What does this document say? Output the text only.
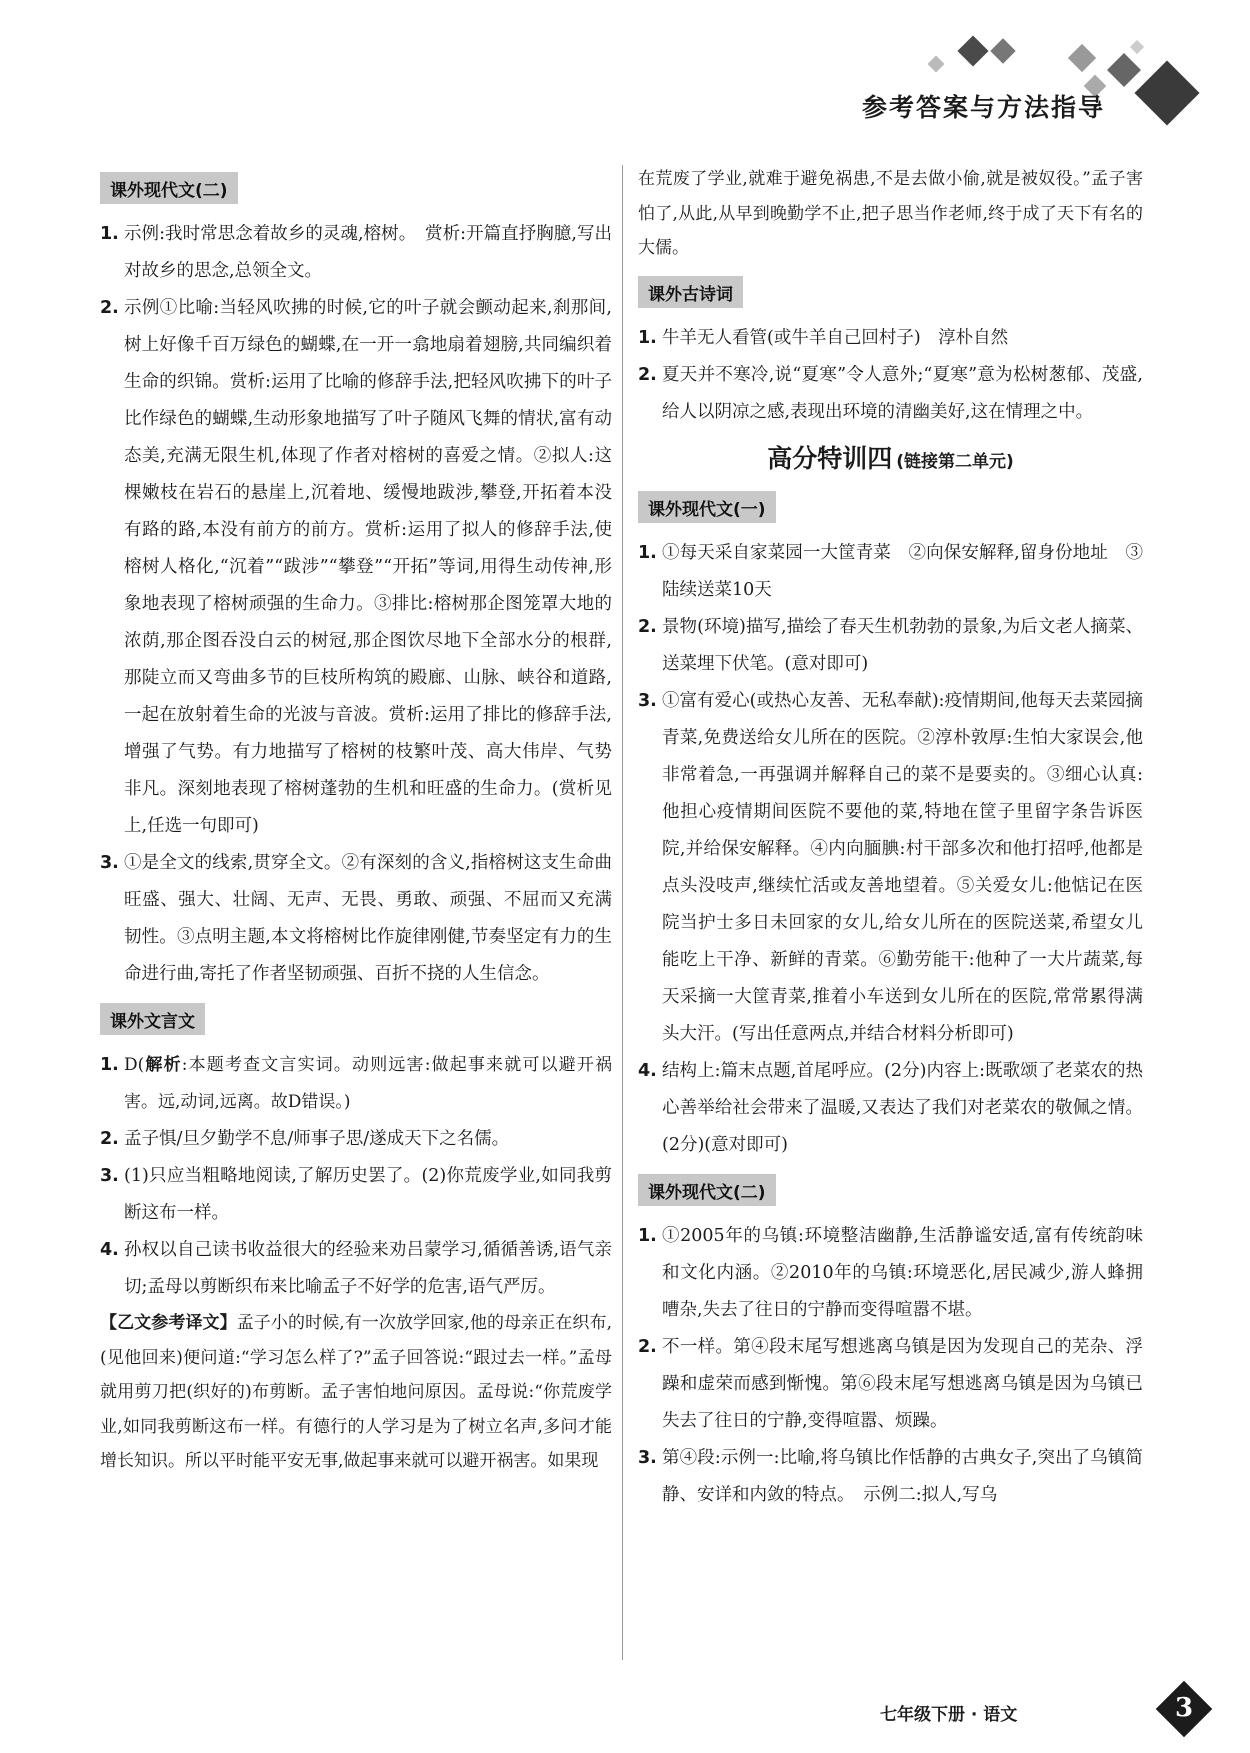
参考答案与方法指导
课外现代文(二)
1. 示例:我时常思念着故乡的灵魂,榕树。　赏析:开篇直抒胸臆,写出对故乡的思念,总领全文。
2. 示例①比喻:当轻风吹拂的时候,它的叶子就会颤动起来,刹那间,树上好像千百万绿色的蝴蝶,在一开一翕地扇着翅膀,共同编织着生命的织锦。赏析:运用了比喻的修辞手法,把轻风吹拂下的叶子比作绿色的蝴蝶,生动形象地描写了叶子随风飞舞的情状,富有动态美,充满无限生机,体现了作者对榕树的喜爱之情。②拟人:这棵嫩枝在岩石的悬崖上,沉着地、缓慢地跋涉,攀登,开拓着本没有路的路,本没有前方的前方。赏析:运用了拟人的修辞手法,使榕树人格化,“沉着”“跋涉”“攀登”“开拓”等词,用得生动传神,形象地表现了榕树顽强的生命力。③排比:榕树那企图笼罩大地的浓荫,那企图吞没白云的树冠,那企图饮尽地下全部水分的根群,那陡立而又弯曲多节的巨枝所构筑的殿廊、山脉、峡谷和道路,一起在放射着生命的光波与音波。赏析:运用了排比的修辞手法,增强了气势。有力地描写了榕树的枝繁叶茂、高大伟岸、气势非凡。深刻地表现了榕树蓬勃的生机和旺盛的生命力。(赏析见上,任选一句即可)
3. ①是全文的线索,贯穿全文。②有深刻的含义,指榕树这支生命曲旺盛、强大、壮阔、无声、无畏、勇敢、顽强、不屈而又充满韧性。③点明主题,本文将榕树比作旋律刚健,节奏坚定有力的生命进行曲,寄托了作者坚韧顽强、百折不挠的人生信念。
课外文言文
1. D(解析:本题考查文言实词。动则远害:做起事来就可以避开祸害。远,动词,远离。故D错误。)
2. 孟子惧/旦夕勤学不息/师事子思/遂成天下之名儒。
3. (1)只应当粗略地阅读,了解历史罢了。(2)你荒废学业,如同我剪断这布一样。
4. 孙权以自己读书收益很大的经验来劝吕蒙学习,循循善诱,语气亲切;孟母以剪断织布来比喻孟子不好学的危害,语气严厉。
【乙文参考译文】孟子小的时候,有一次放学回家,他的母亲正在织布,(见他回来)便问道:“学习怎么样了?”孟子回答说:“跟过去一样。”孟母就用剪刀把(织好的)布剪断。孟子害怕地问原因。孟母说:“你荒废学业,如同我剪断这布一样。有德行的人学习是为了树立名声,多问才能增长知识。所以平时能平安无事,做起事来就可以避开祸害。如果现
在荒废了学业,就难于避免祸患,不是去做小偷,就是被奴役。”孟子害怕了,从此,从早到晚勤学不止,把子思当作老师,终于成了天下有名的大儒。
课外古诗词
1. 牛羊无人看管(或牛羊自己回村子)　淳朴自然
2. 夏天并不寒冷,说“夏寒”令人意外;“夏寒”意为松树葱郁、茂盛,给人以阴凉之感,表现出环境的清幽美好,这在情理之中。
高分特训四 (链接第二单元)
课外现代文(一)
1. ①每天采自家菜园一大筐青菜　②向保安解释,留身份地址　③陆续送菜10天
2. 景物(环境)描写,描绘了春天生机勃勃的景象,为后文老人摘菜、送菜埋下伏笔。(意对即可)
3. ①富有爱心(或热心友善、无私奉献):疫情期间,他每天去菜园摘青菜,免费送给女儿所在的医院。②淳朴敦厚:生怕大家误会,他非常着急,一再强调并解释自己的菜不是要卖的。③细心认真:他担心疫情期间医院不要他的菜,特地在筐子里留字条告诉医院,并给保安解释。④内向腼腆:村干部多次和他打招呼,他都是点头没吱声,继续忙活或友善地望着。⑤关爱女儿:他惦记在医院当护士多日未回家的女儿,给女儿所在的医院送菜,希望女儿能吃上干净、新鲜的青菜。⑥勤劳能干:他种了一大片蔬菜,每天采摘一大筐青菜,推着小车送到女儿所在的医院,常常累得满头大汗。(写出任意两点,并结合材料分析即可)
4. 结构上:篇末点题,首尾呼应。(2分)内容上:既歌颂了老菜农的热心善举给社会带来了温暖,又表达了我们对老菜农的敬佩之情。(2分)(意对即可)
课外现代文(二)
1. ①2005年的乌镇:环境整洁幽静,生活静谧安适,富有传统韵味和文化内涵。②2010年的乌镇:环境恶化,居民减少,游人蜂拥嘈杂,失去了往日的宁静而变得喧嚣不堪。
2. 不一样。第④段末尾写想逃离乌镇是因为发现自己的芜杂、浮躁和虚荣而感到惭愧。第⑥段末尾写想逃离乌镇是因为乌镇已失去了往日的宁静,变得喧嚣、烦躁。
3. 第④段:示例一:比喻,将乌镇比作恬静的古典女子,突出了乌镇简静、安详和内敛的特点。　示例二:拟人,写乌
七年级下册 · 语文	3
